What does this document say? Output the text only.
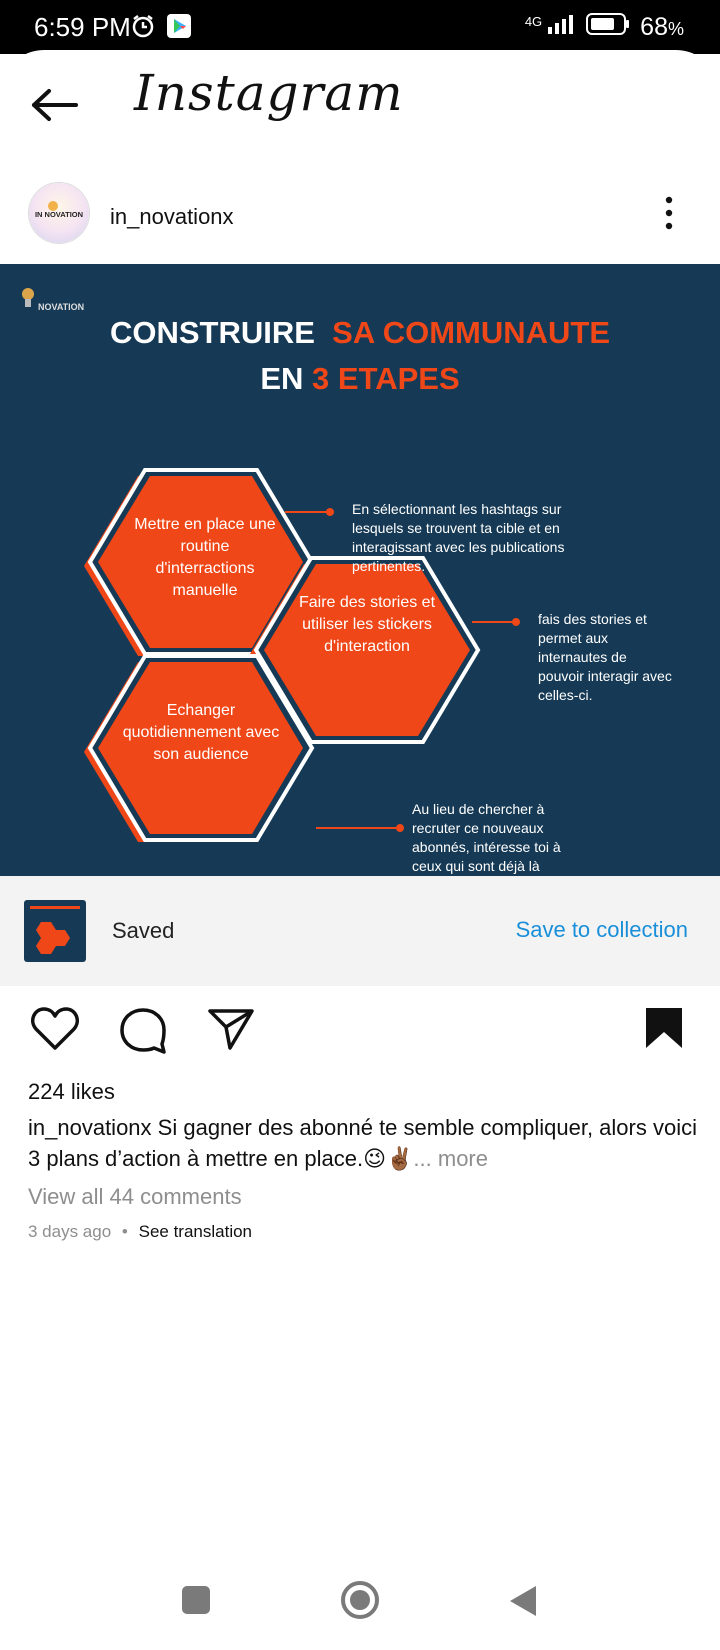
6:59 PM	4G	68%
Instagram
IN NOVATION in_novationx
NOVATION
CONSTRUIRE SA COMMUNAUTE
EN 3 ETAPES
Mettre en place une routine d'interractions manuelle
Faire des stories et utiliser les stickers d'interaction
Echanger quotidiennement avec son audience
En sélectionnant les hashtags sur lesquels se trouvent ta cible et en interagissant avec les publications pertinentes.
fais des stories et permet aux internautes de pouvoir interagir avec celles-ci.
Au lieu de chercher à recruter ce nouveaux abonnés, intéresse toi à ceux qui sont déjà là
Saved	Save to collection
224 likes
in_novationx Si gagner des abonné te semble compliquer, alors voici 3 plans d’action à mettre en place.😉✌🏾... more
View all 44 comments
3 days ago • See translation
